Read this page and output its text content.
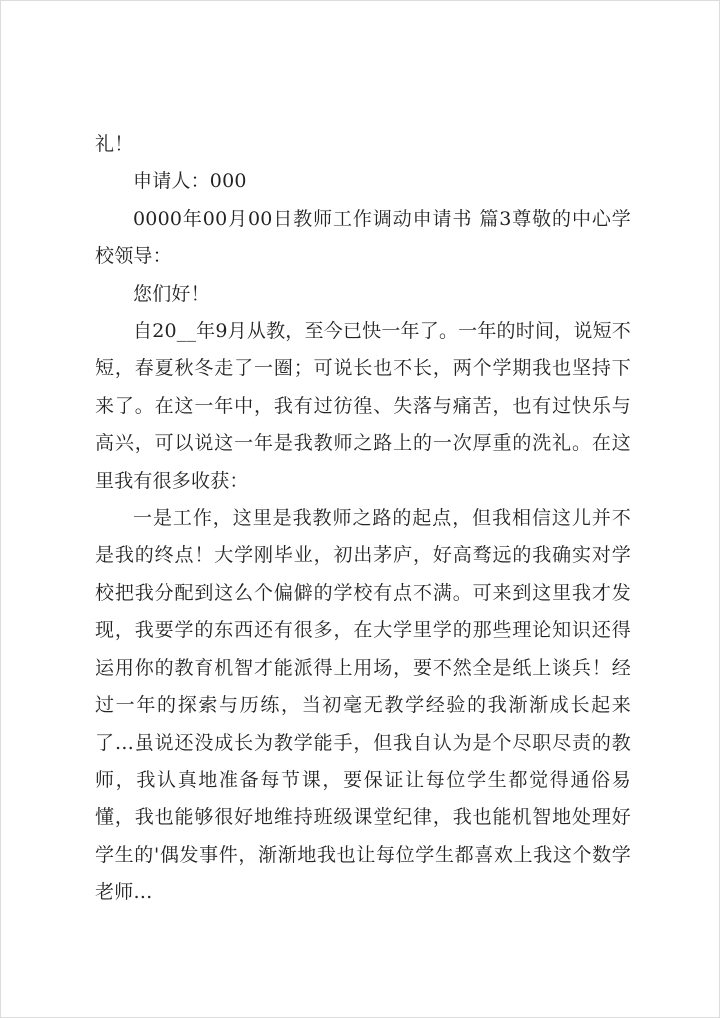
礼！

申请人：000

0000年00月00日教师工作调动申请书 篇3尊敬的中心学校领导：

您们好！

自20__年9月从教，至今已快一年了。一年的时间，说短不短，春夏秋冬走了一圈；可说长也不长，两个学期我也坚持下来了。在这一年中，我有过彷徨、失落与痛苦，也有过快乐与高兴，可以说这一年是我教师之路上的一次厚重的洗礼。在这里我有很多收获：

一是工作，这里是我教师之路的起点，但我相信这儿并不是我的终点！大学刚毕业，初出茅庐，好高骛远的我确实对学校把我分配到这么个偏僻的学校有点不满。可来到这里我才发现，我要学的东西还有很多，在大学里学的那些理论知识还得运用你的教育机智才能派得上用场，要不然全是纸上谈兵！经过一年的探索与历练，当初毫无教学经验的我渐渐成长起来了…虽说还没成长为教学能手，但我自认为是个尽职尽责的教师，我认真地准备每节课，要保证让每位学生都觉得通俗易懂，我也能够很好地维持班级课堂纪律，我也能机智地处理好学生的'偶发事件，渐渐地我也让每位学生都喜欢上我这个数学老师…
